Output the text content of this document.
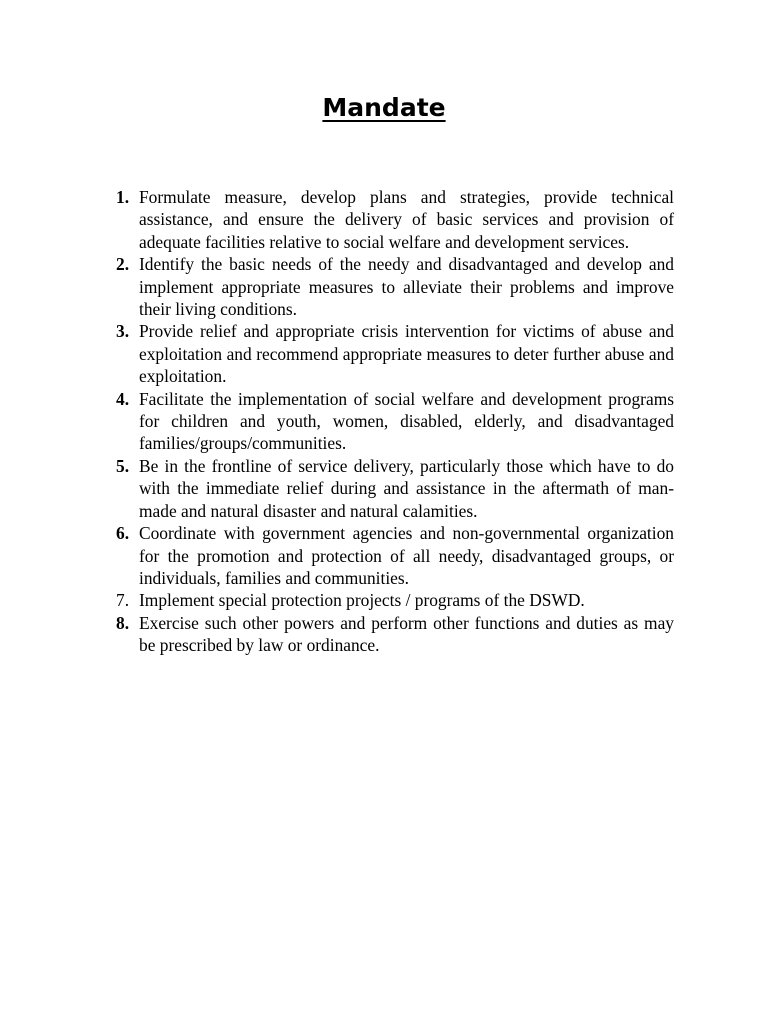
Mandate
1. Formulate measure, develop plans and strategies, provide technical assistance, and ensure the delivery of basic services and provision of adequate facilities relative to social welfare and development services.
2. Identify the basic needs of the needy and disadvantaged and develop and implement appropriate measures to alleviate their problems and improve their living conditions.
3. Provide relief and appropriate crisis intervention for victims of abuse and exploitation and recommend appropriate measures to deter further abuse and exploitation.
4. Facilitate the implementation of social welfare and development programs for children and youth, women, disabled, elderly, and disadvantaged families/groups/communities.
5. Be in the frontline of service delivery, particularly those which have to do with the immediate relief during and assistance in the aftermath of man-made and natural disaster and natural calamities.
6. Coordinate with government agencies and non-governmental organization for the promotion and protection of all needy, disadvantaged groups, or individuals, families and communities.
7. Implement special protection projects / programs of the DSWD.
8. Exercise such other powers and perform other functions and duties as may be prescribed by law or ordinance.
